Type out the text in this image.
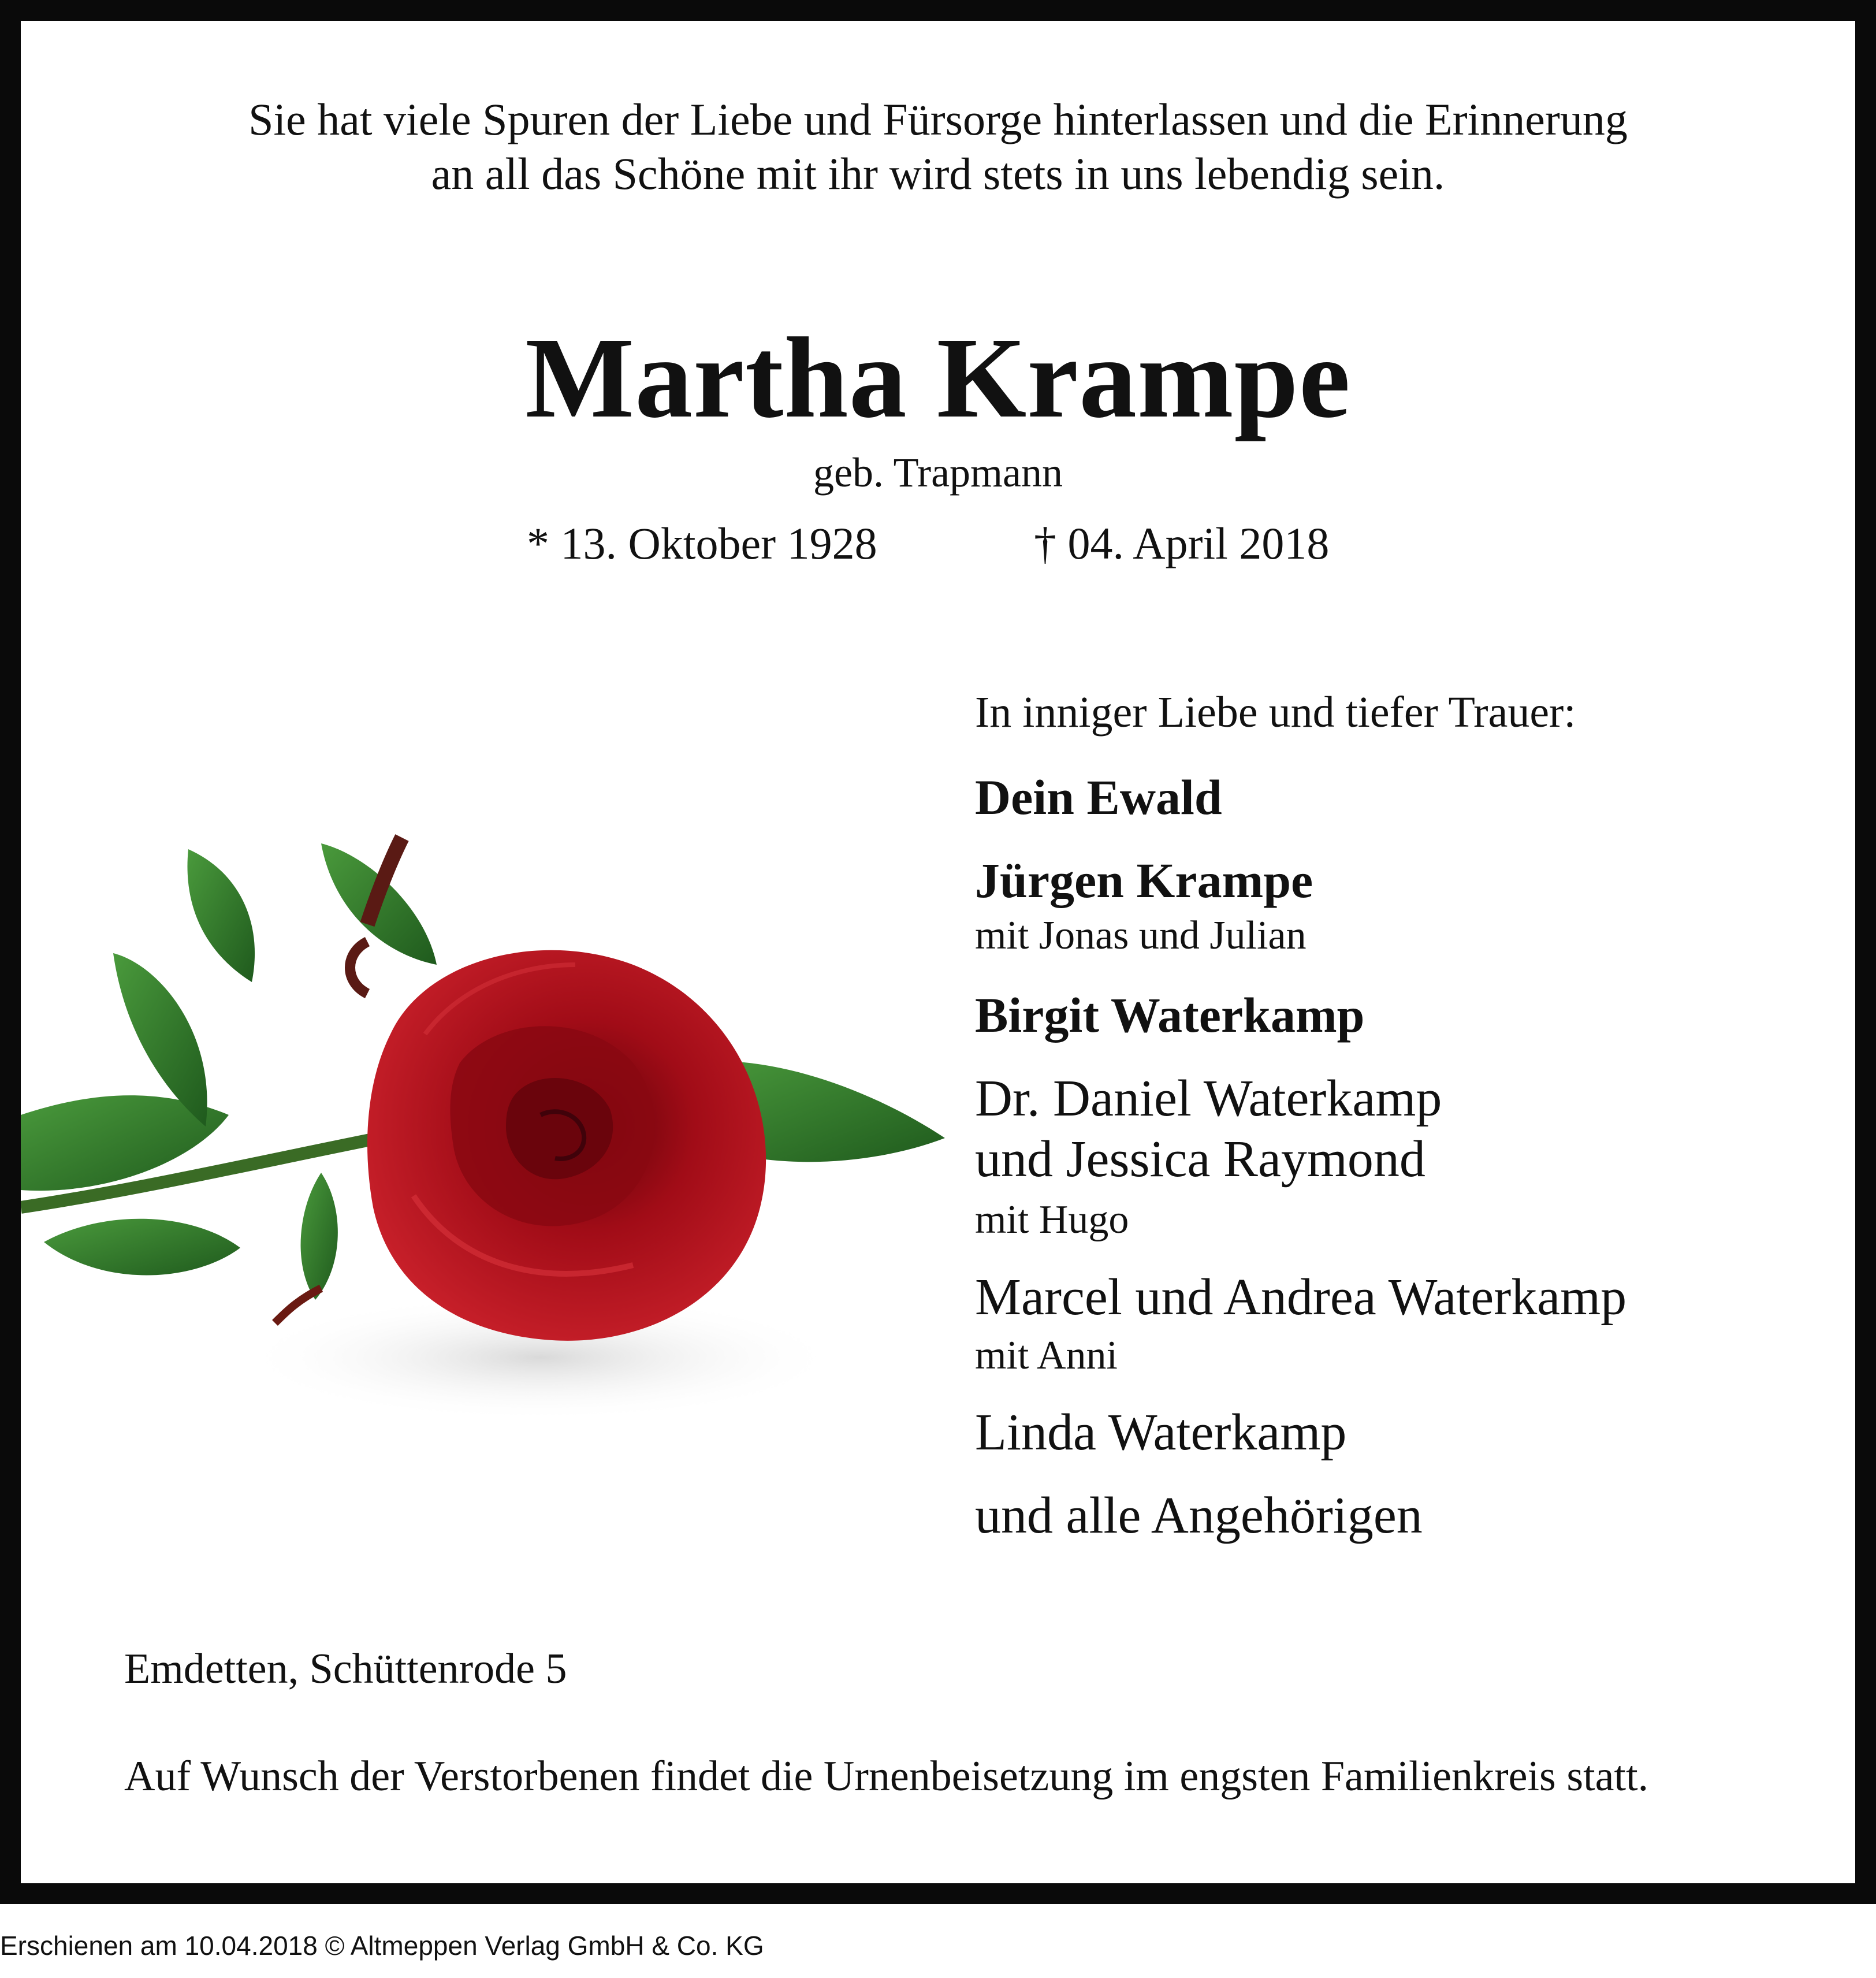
Sie hat viele Spuren der Liebe und Fürsorge hinterlassen und die Erinnerung
an all das Schöne mit ihr wird stets in uns lebendig sein.
Martha Krampe
geb. Trapmann
* 13. Oktober 1928	† 04. April 2018
In inniger Liebe und tiefer Trauer:
Dein Ewald
Jürgen Krampe
mit Jonas und Julian
Birgit Waterkamp
Dr. Daniel Waterkamp
und Jessica Raymond
mit Hugo
Marcel und Andrea Waterkamp
mit Anni
Linda Waterkamp
und alle Angehörigen
Emdetten, Schüttenrode 5
Auf Wunsch der Verstorbenen findet die Urnenbeisetzung im engsten Familienkreis statt.
Erschienen am 10.04.2018 © Altmeppen Verlag GmbH & Co. KG
